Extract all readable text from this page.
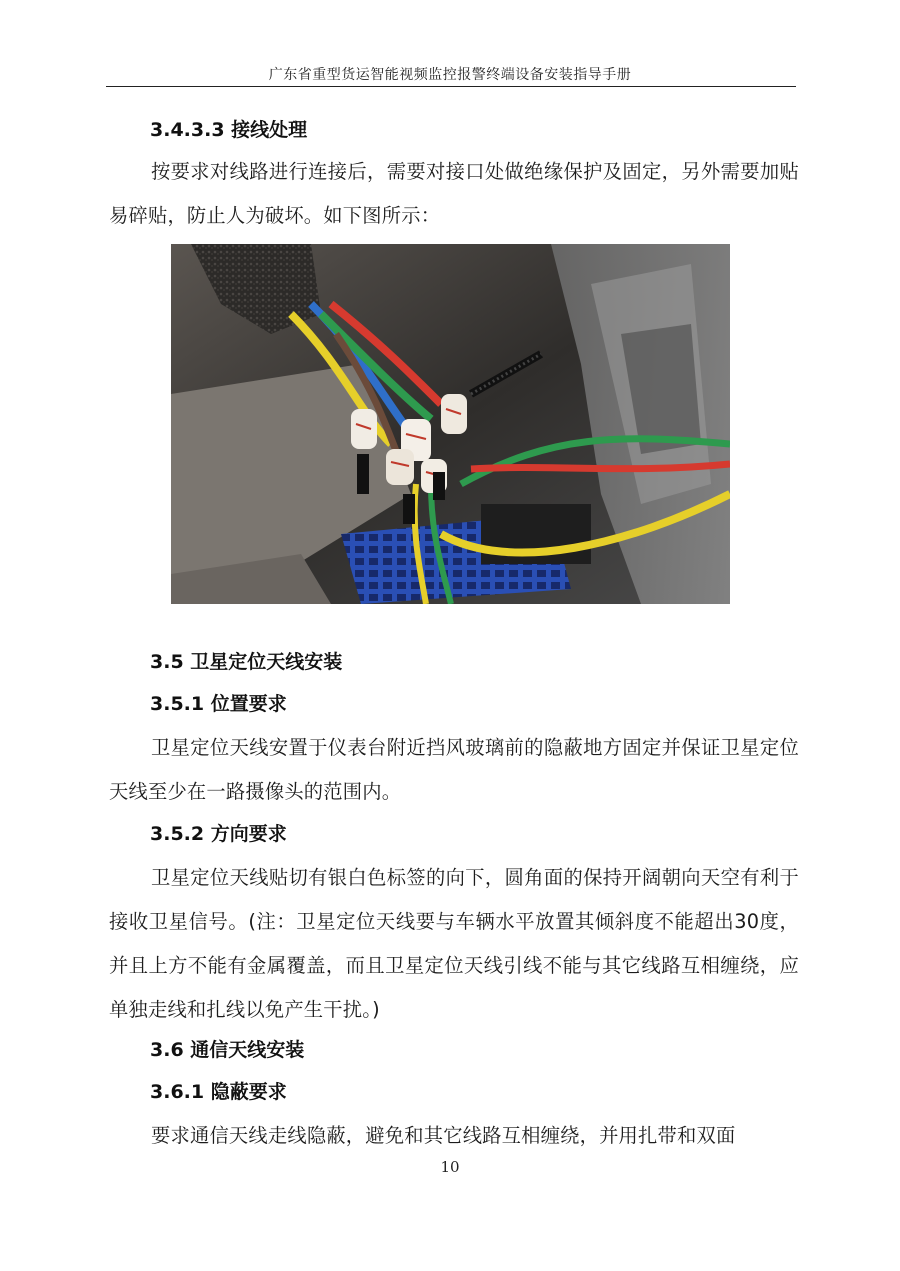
广东省重型货运智能视频监控报警终端设备安装指导手册
3.4.3.3 接线处理
按要求对线路进行连接后，需要对接口处做绝缘保护及固定，另外需要加贴易碎贴，防止人为破坏。如下图所示：
3.5 卫星定位天线安装
3.5.1 位置要求
卫星定位天线安置于仪表台附近挡风玻璃前的隐蔽地方固定并保证卫星定位天线至少在一路摄像头的范围内。
3.5.2 方向要求
卫星定位天线贴切有银白色标签的向下，圆角面的保持开阔朝向天空有利于接收卫星信号。(注：卫星定位天线要与车辆水平放置其倾斜度不能超出30度，并且上方不能有金属覆盖，而且卫星定位天线引线不能与其它线路互相缠绕，应单独走线和扎线以免产生干扰。)
3.6 通信天线安装
3.6.1 隐蔽要求
要求通信天线走线隐蔽，避免和其它线路互相缠绕，并用扎带和双面
10
